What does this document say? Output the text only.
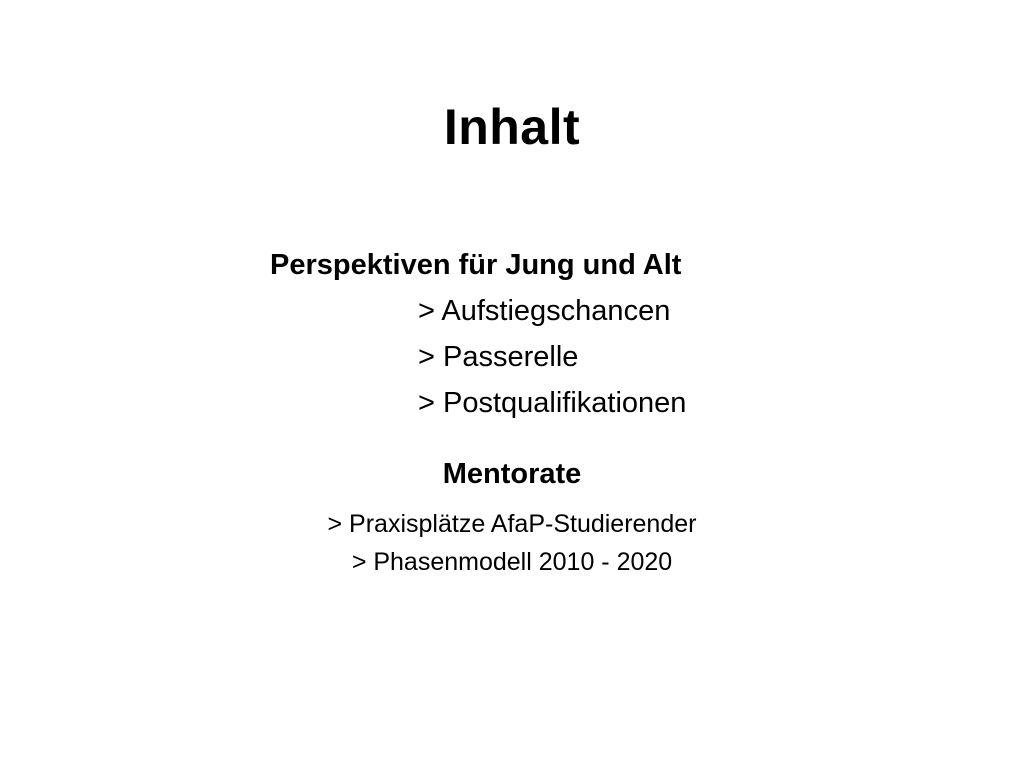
Inhalt
Perspektiven für Jung und Alt
> Aufstiegschancen
> Passerelle
> Postqualifikationen
Mentorate
> Praxisplätze AfaP-Studierender
> Phasenmodell 2010 - 2020
